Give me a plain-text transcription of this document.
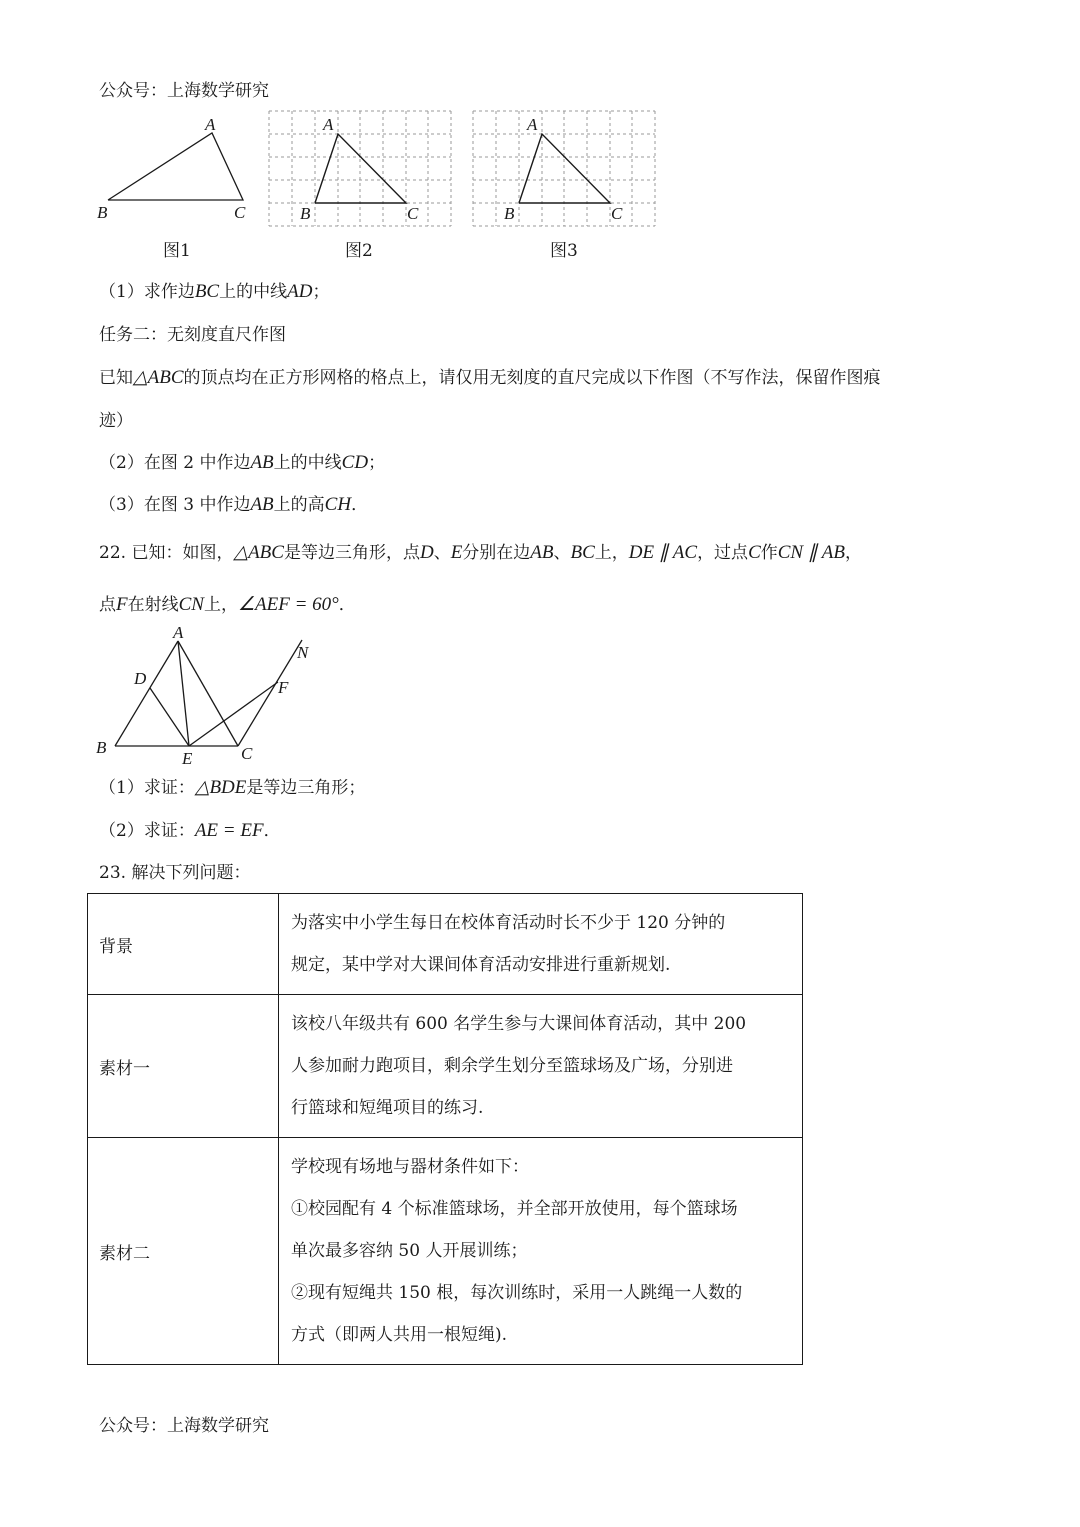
公众号：上海数学研究
A
B	C
图1
A
B	C
图2
A
B	C
图3
（1）求作边BC上的中线AD；
任务二：无刻度直尺作图
已知△ABC的顶点均在正方形网格的格点上，请仅用无刻度的直尺完成以下作图（不写作法，保留作图痕
迹）
（2）在图 2 中作边AB上的中线CD；
（3）在图 3 中作边AB上的高CH．
22. 已知：如图，△ABC是等边三角形，点D、E分别在边AB、BC上，DE ∥ AC，过点C作CN ∥ AB，
点F在射线CN上，∠AEF = 60°．
A
D
B
E	C
F
N
（1）求证：△BDE是等边三角形；
（2）求证：AE = EF．
23. 解决下列问题：
背景	为落实中小学生每日在校体育活动时长不少于 120 分钟的
规定，某中学对大课间体育活动安排进行重新规划.

素材一	该校八年级共有 600 名学生参与大课间体育活动，其中 200
人参加耐力跑项目，剩余学生划分至篮球场及广场，分别进
行篮球和短绳项目的练习.

素材二	学校现有场地与器材条件如下：
①校园配有 4 个标准篮球场，并全部开放使用，每个篮球场
单次最多容纳 50 人开展训练；
②现有短绳共 150 根，每次训练时，采用一人跳绳一人数的
方式（即两人共用一根短绳).
公众号：上海数学研究
